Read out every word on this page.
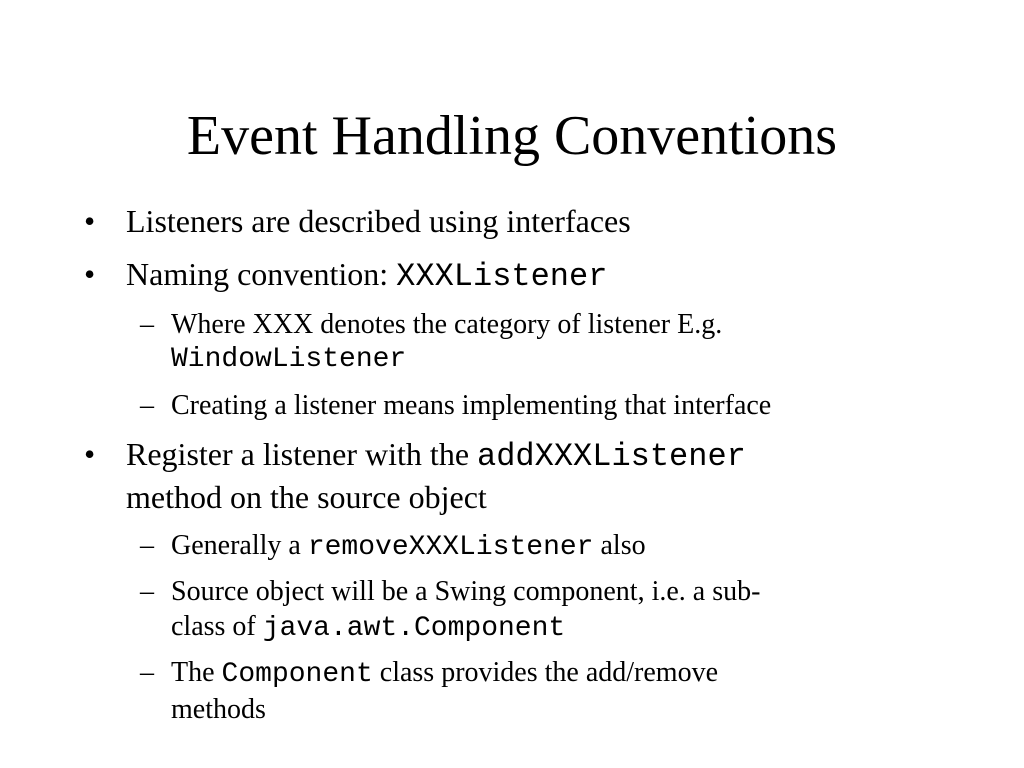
Event Handling Conventions
• Listeners are described using interfaces
• Naming convention: XXXListener
– Where XXX denotes the category of listener E.g.
WindowListener
– Creating a listener means implementing that interface
• Register a listener with the addXXXListener
method on the source object
– Generally a removeXXXListener also
– Source object will be a Swing component, i.e. a sub-
class of java.awt.Component
– The Component class provides the add/remove
methods
